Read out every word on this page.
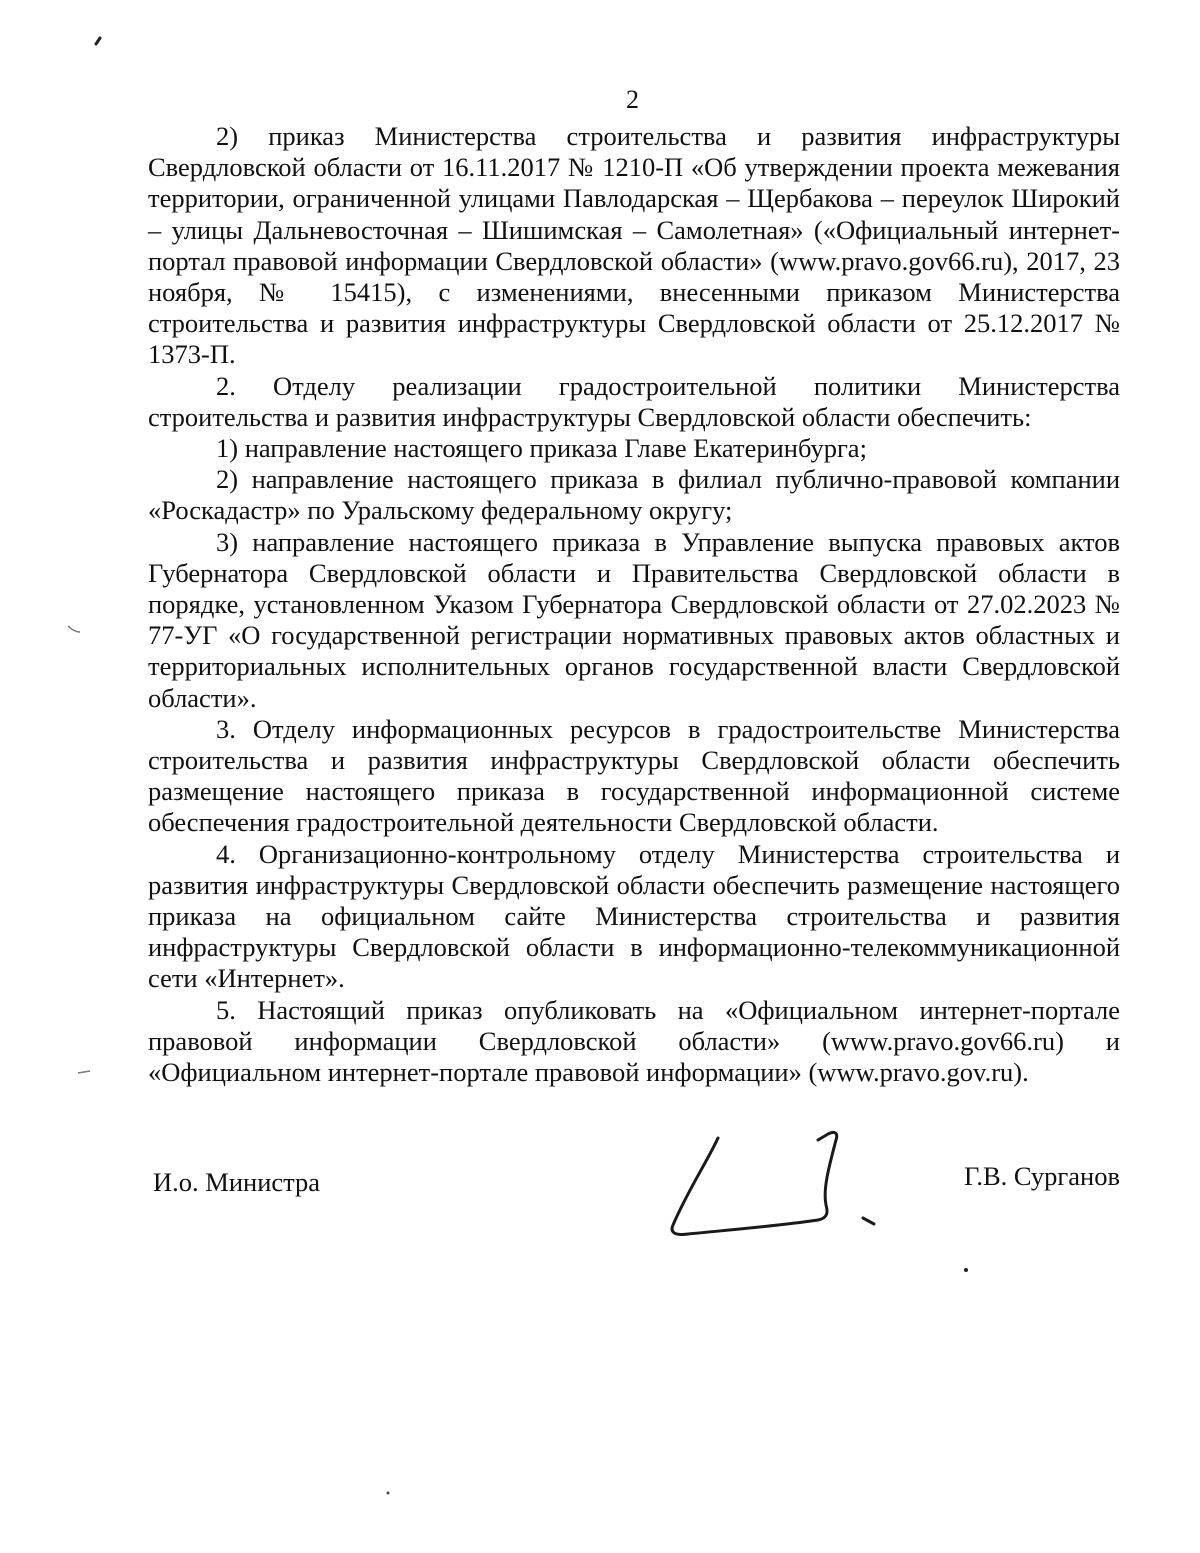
2

2) приказ Министерства строительства и развития инфраструктуры Свердловской области от 16.11.2017 № 1210-П «Об утверждении проекта межевания территории, ограниченной улицами Павлодарская – Щербакова – переулок Широкий – улицы Дальневосточная – Шишимская – Самолетная» («Официальный интернет-портал правовой информации Свердловской области» (www.pravo.gov66.ru), 2017, 23 ноября, № 15415), с изменениями, внесенными приказом Министерства строительства и развития инфраструктуры Свердловской области от 25.12.2017 № 1373-П.

2. Отделу реализации градостроительной политики Министерства строительства и развития инфраструктуры Свердловской области обеспечить:

1) направление настоящего приказа Главе Екатеринбурга;

2) направление настоящего приказа в филиал публично-правовой компании «Роскадастр» по Уральскому федеральному округу;

3) направление настоящего приказа в Управление выпуска правовых актов Губернатора Свердловской области и Правительства Свердловской области в порядке, установленном Указом Губернатора Свердловской области от 27.02.2023 № 77-УГ «О государственной регистрации нормативных правовых актов областных и территориальных исполнительных органов государственной власти Свердловской области».

3. Отделу информационных ресурсов в градостроительстве Министерства строительства и развития инфраструктуры Свердловской области обеспечить размещение настоящего приказа в государственной информационной системе обеспечения градостроительной деятельности Свердловской области.

4. Организационно-контрольному отделу Министерства строительства и развития инфраструктуры Свердловской области обеспечить размещение настоящего приказа на официальном сайте Министерства строительства и развития инфраструктуры Свердловской области в информационно-телекоммуникационной сети «Интернет».

5. Настоящий приказ опубликовать на «Официальном интернет-портале правовой информации Свердловской области» (www.pravo.gov66.ru) и «Официальном интернет-портале правовой информации» (www.pravo.gov.ru).

И.о. Министра	Г.В. Сурганов
